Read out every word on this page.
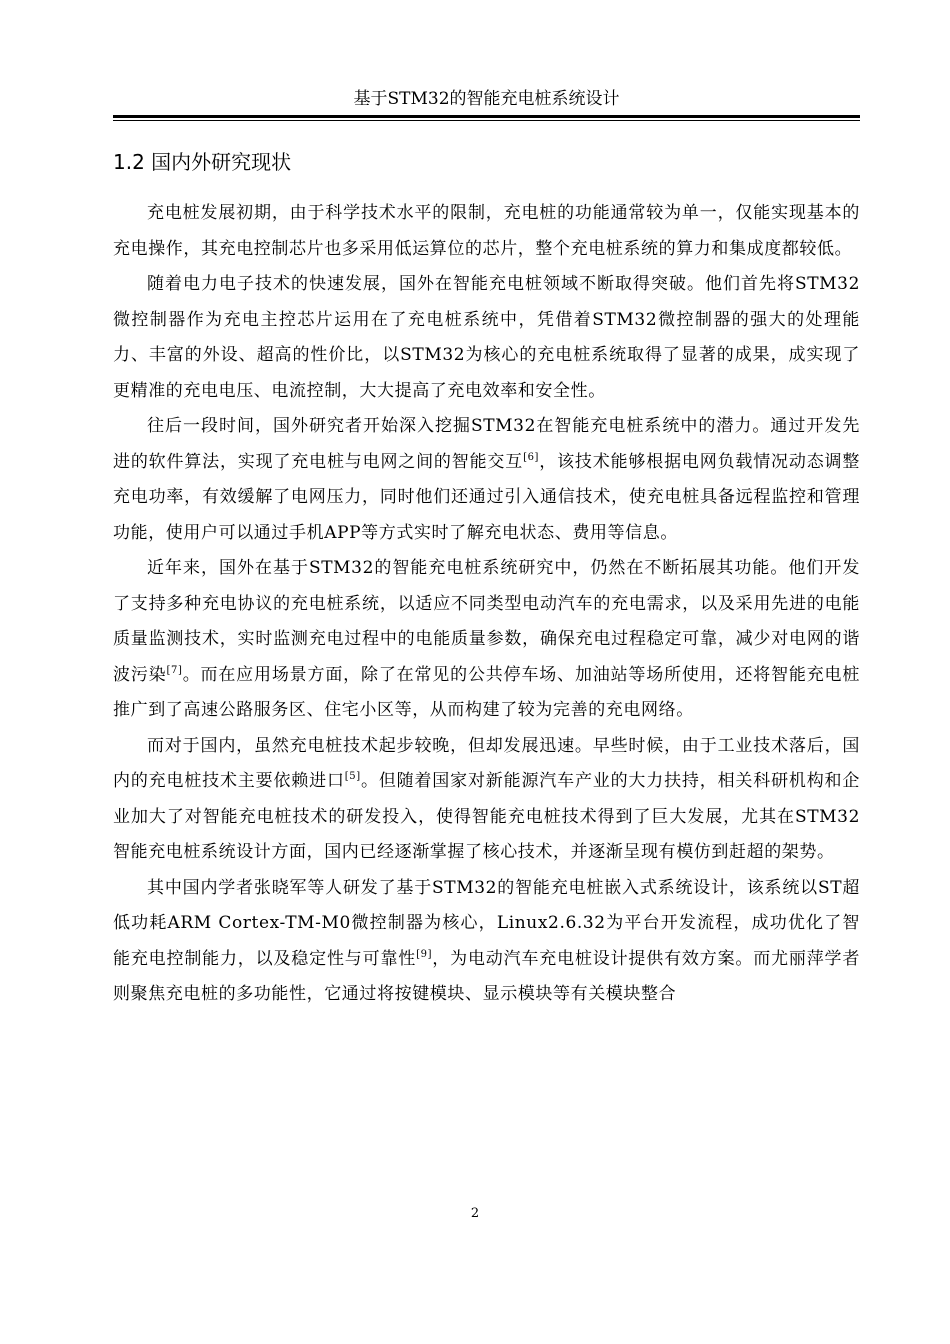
基于STM32的智能充电桩系统设计
1.2 国内外研究现状

充电桩发展初期，由于科学技术水平的限制，充电桩的功能通常较为单一，仅能实现基本的充电操作，其充电控制芯片也多采用低运算位的芯片，整个充电桩系统的算力和集成度都较低。

随着电力电子技术的快速发展，国外在智能充电桩领域不断取得突破。他们首先将STM32微控制器作为充电主控芯片运用在了充电桩系统中，凭借着STM32微控制器的强大的处理能力、丰富的外设、超高的性价比，以STM32为核心的充电桩系统取得了显著的成果，成实现了更精准的充电电压、电流控制，大大提高了充电效率和安全性。

往后一段时间，国外研究者开始深入挖掘STM32在智能充电桩系统中的潜力。通过开发先进的软件算法，实现了充电桩与电网之间的智能交互[6]，该技术能够根据电网负载情况动态调整充电功率，有效缓解了电网压力，同时他们还通过引入通信技术，使充电桩具备远程监控和管理功能，使用户可以通过手机APP等方式实时了解充电状态、费用等信息。

近年来，国外在基于STM32的智能充电桩系统研究中，仍然在不断拓展其功能。他们开发了支持多种充电协议的充电桩系统，以适应不同类型电动汽车的充电需求，以及采用先进的电能质量监测技术，实时监测充电过程中的电能质量参数，确保充电过程稳定可靠，减少对电网的谐波污染[7]。而在应用场景方面，除了在常见的公共停车场、加油站等场所使用，还将智能充电桩推广到了高速公路服务区、住宅小区等，从而构建了较为完善的充电网络。

而对于国内，虽然充电桩技术起步较晚，但却发展迅速。早些时候，由于工业技术落后，国内的充电桩技术主要依赖进口[5]。但随着国家对新能源汽车产业的大力扶持，相关科研机构和企业加大了对智能充电桩技术的研发投入，使得智能充电桩技术得到了巨大发展，尤其在STM32智能充电桩系统设计方面，国内已经逐渐掌握了核心技术，并逐渐呈现有模仿到赶超的架势。

其中国内学者张晓军等人研发了基于STM32的智能充电桩嵌入式系统设计，该系统以ST超低功耗ARM Cortex-TM-M0微控制器为核心，Linux2.6.32为平台开发流程，成功优化了智能充电控制能力，以及稳定性与可靠性[9]，为电动汽车充电桩设计提供有效方案。而尤丽萍学者则聚焦充电桩的多功能性，它通过将按键模块、显示模块等有关模块整合

2
